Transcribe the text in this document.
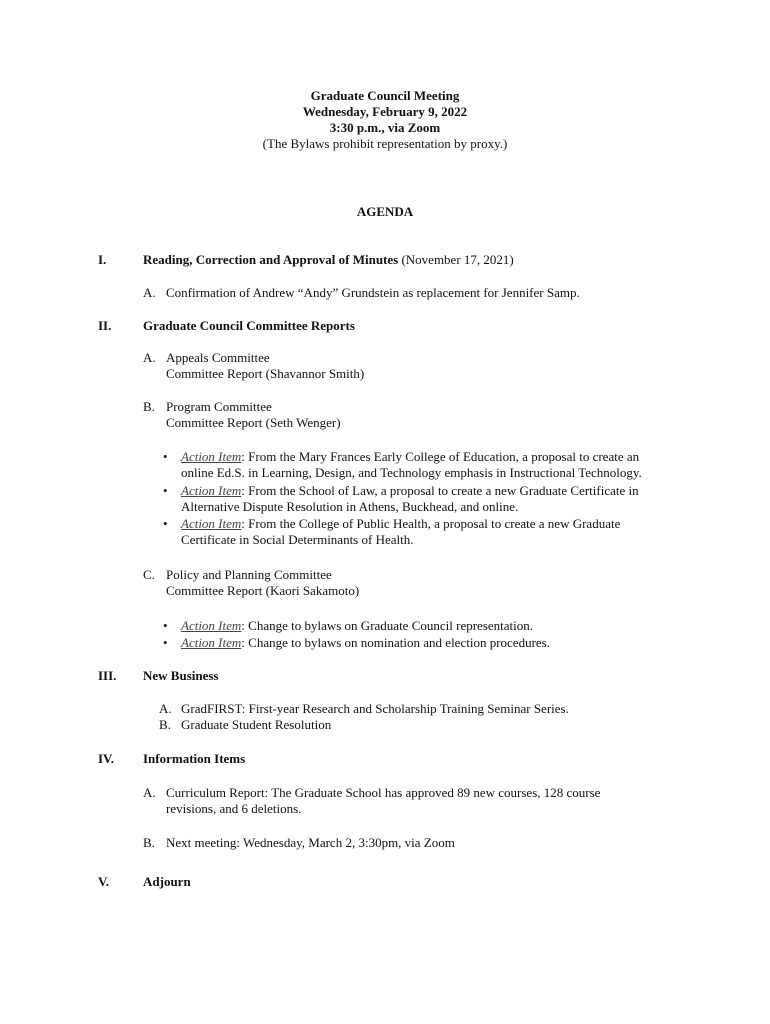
Graduate Council Meeting
Wednesday, February 9, 2022
3:30 p.m., via Zoom
(The Bylaws prohibit representation by proxy.)
AGENDA
I.	Reading, Correction and Approval of Minutes (November 17, 2021)
A. Confirmation of Andrew “Andy” Grundstein as replacement for Jennifer Samp.
II. Graduate Council Committee Reports
A. Appeals Committee
Committee Report (Shavannor Smith)
B. Program Committee
Committee Report (Seth Wenger)
• Action Item: From the Mary Frances Early College of Education, a proposal to create an
online Ed.S. in Learning, Design, and Technology emphasis in Instructional Technology.
• Action Item: From the School of Law, a proposal to create a new Graduate Certificate in
Alternative Dispute Resolution in Athens, Buckhead, and online.
• Action Item: From the College of Public Health, a proposal to create a new Graduate
Certificate in Social Determinants of Health.
C. Policy and Planning Committee
Committee Report (Kaori Sakamoto)
• Action Item: Change to bylaws on Graduate Council representation.
• Action Item: Change to bylaws on nomination and election procedures.
III. New Business
A. GradFIRST: First-year Research and Scholarship Training Seminar Series.
B. Graduate Student Resolution
IV. Information Items
A. Curriculum Report: The Graduate School has approved 89 new courses, 128 course
revisions, and 6 deletions.
B. Next meeting: Wednesday, March 2, 3:30pm, via Zoom
V.	Adjourn
